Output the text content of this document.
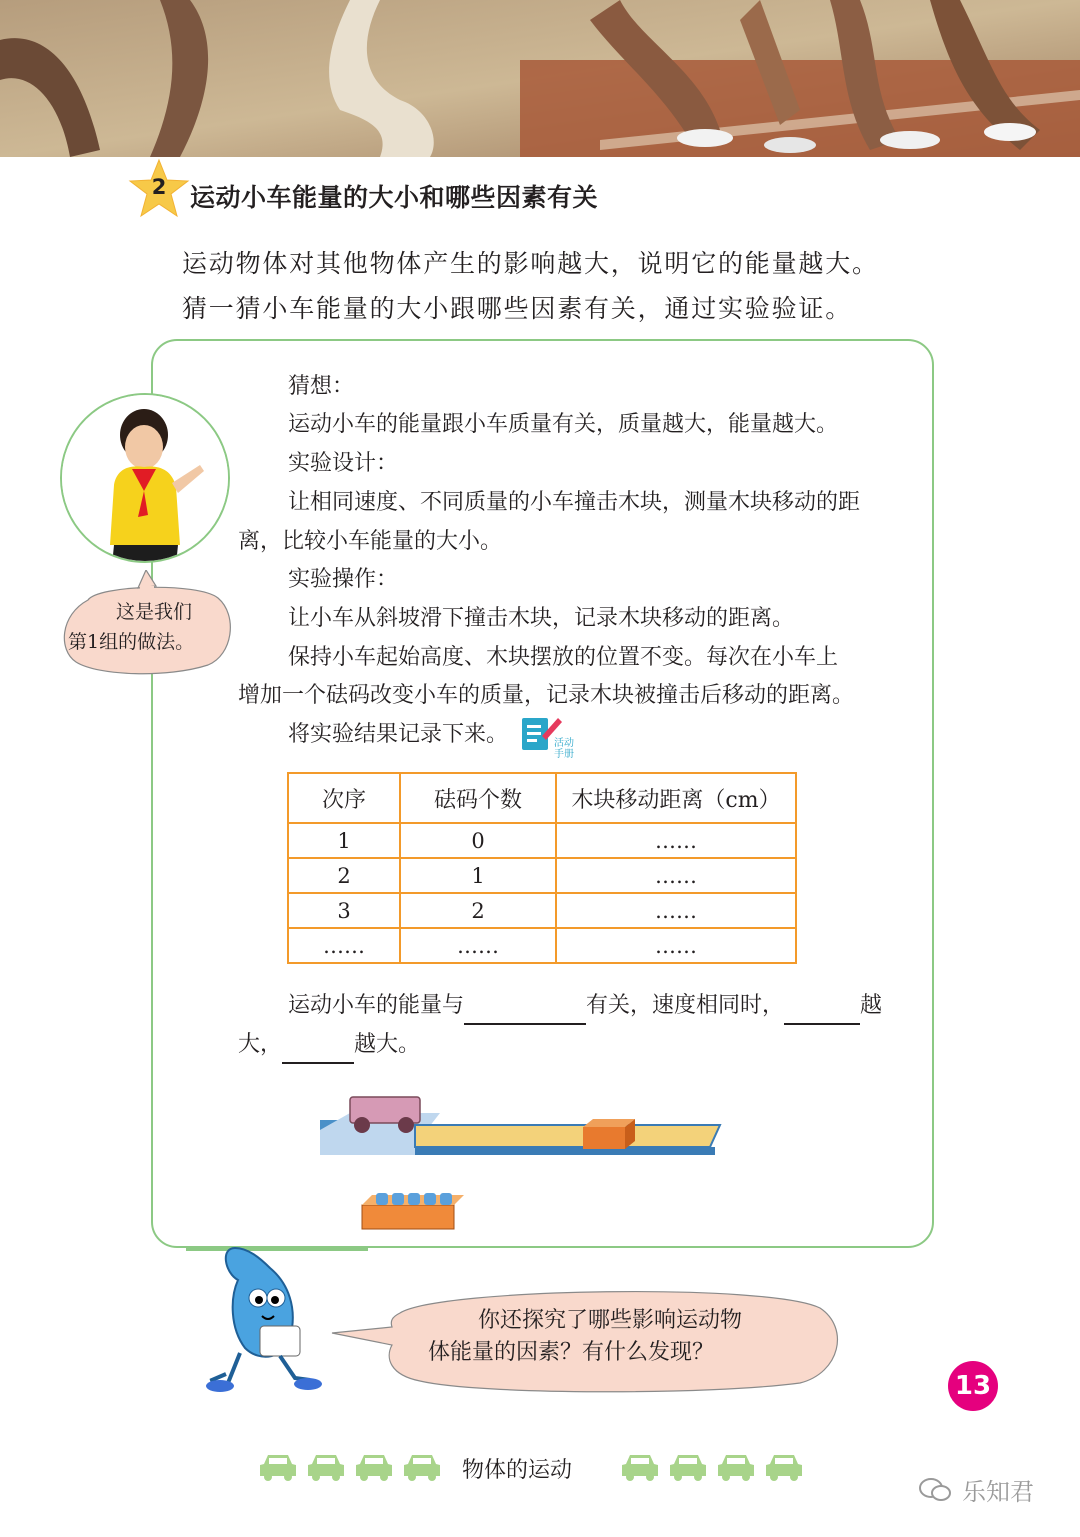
2 运动小车能量的大小和哪些因素有关
运动物体对其他物体产生的影响越大，说明它的能量越大。
猜一猜小车能量的大小跟哪些因素有关，通过实验验证。
这是我们
第1组的做法。
猜想：
运动小车的能量跟小车质量有关，质量越大，能量越大。
实验设计：
让相同速度、不同质量的小车撞击木块，测量木块移动的距
离，比较小车能量的大小。
实验操作：
让小车从斜坡滑下撞击木块，记录木块移动的距离。
保持小车起始高度、木块摆放的位置不变。每次在小车上
增加一个砝码改变小车的质量，记录木块被撞击后移动的距离。
将实验结果记录下来。	活动
手册
次序	砝码个数	木块移动距离（cm）
1	0	……
2	1	……
3	2	……
……	……	……
运动小车的能量与	有关，速度相同时，	越
大，	越大。
你还探究了哪些影响运动物
体能量的因素？有什么发现？
13
物体的运动
乐知君
